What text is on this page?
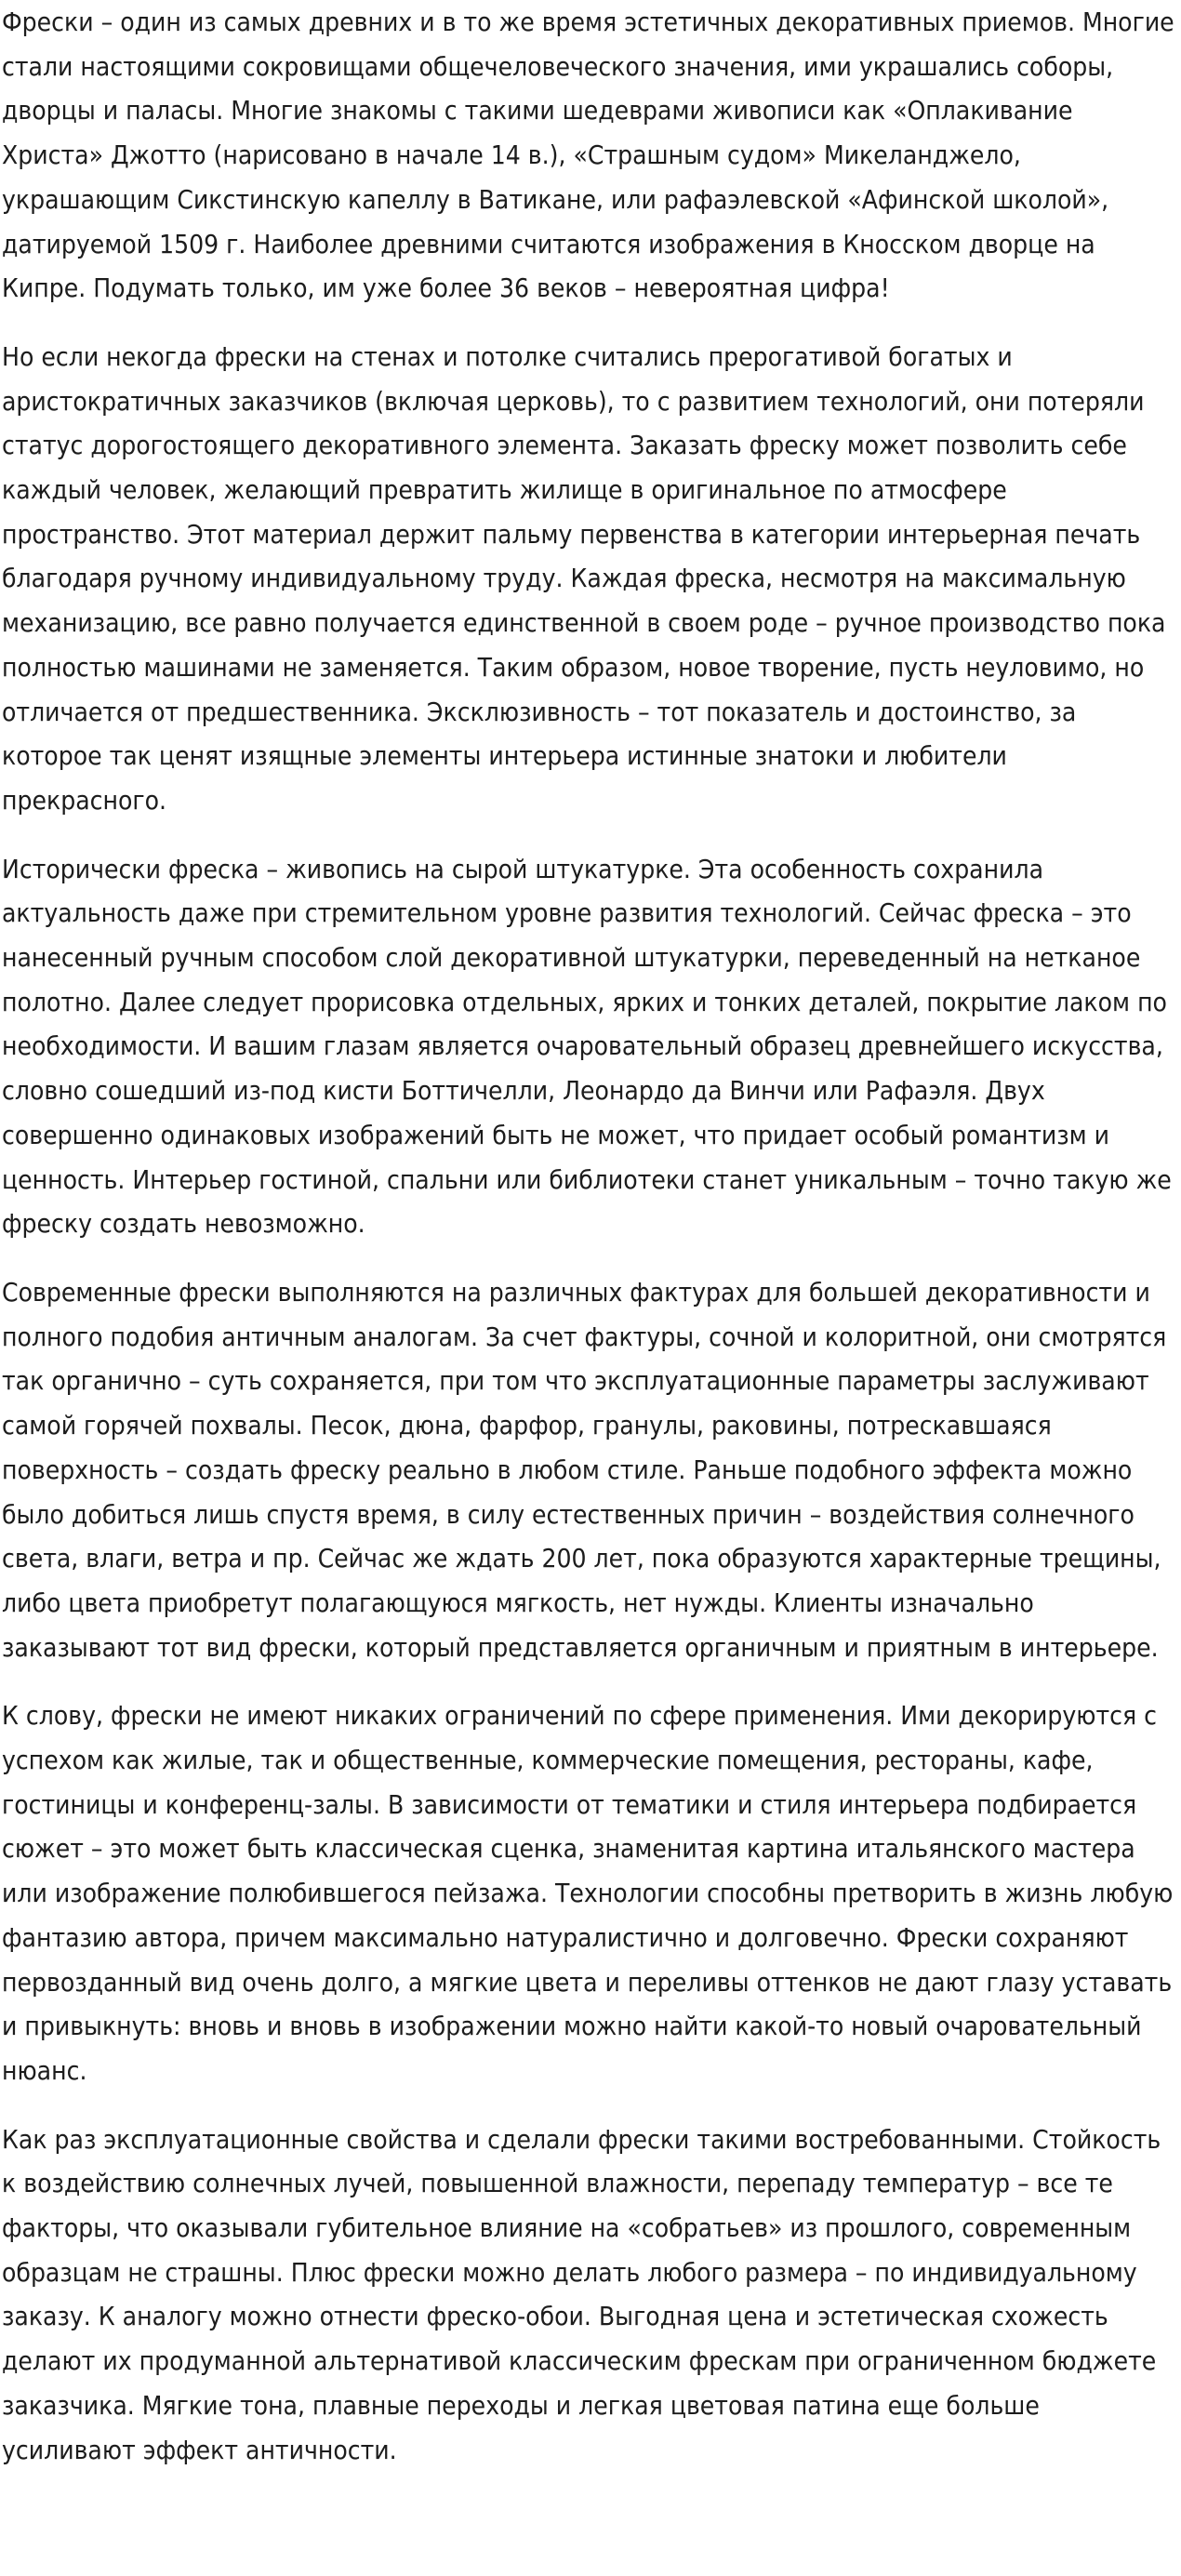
Фрески – один из самых древних и в то же время эстетичных декоративных приемов. Многие стали настоящими сокровищами общечеловеческого значения, ими украшались соборы, дворцы и паласы. Многие знакомы с такими шедеврами живописи как «Оплакивание Христа» Джотто (нарисовано в начале 14 в.), «Страшным судом» Микеланджело, украшающим Сикстинскую капеллу в Ватикане, или рафаэлевской «Афинской школой», датируемой 1509 г. Наиболее древними считаются изображения в Кносском дворце на Кипре. Подумать только, им уже более 36 веков – невероятная цифра!

Но если некогда фрески на стенах и потолке считались прерогативой богатых и аристократичных заказчиков (включая церковь), то с развитием технологий, они потеряли статус дорогостоящего декоративного элемента. Заказать фреску может позволить себе каждый человек, желающий превратить жилище в оригинальное по атмосфере пространство. Этот материал держит пальму первенства в категории интерьерная печать благодаря ручному индивидуальному труду. Каждая фреска, несмотря на максимальную механизацию, все равно получается единственной в своем роде – ручное производство пока полностью машинами не заменяется. Таким образом, новое творение, пусть неуловимо, но отличается от предшественника. Эксклюзивность – тот показатель и достоинство, за которое так ценят изящные элементы интерьера истинные знатоки и любители прекрасного.

Исторически фреска – живопись на сырой штукатурке. Эта особенность сохранила актуальность даже при стремительном уровне развития технологий. Сейчас фреска – это нанесенный ручным способом слой декоративной штукатурки, переведенный на нетканое полотно. Далее следует прорисовка отдельных, ярких и тонких деталей, покрытие лаком по необходимости. И вашим глазам является очаровательный образец древнейшего искусства, словно сошедший из-под кисти Боттичелли, Леонардо да Винчи или Рафаэля. Двух совершенно одинаковых изображений быть не может, что придает особый романтизм и ценность. Интерьер гостиной, спальни или библиотеки станет уникальным – точно такую же фреску создать невозможно.

Современные фрески выполняются на различных фактурах для большей декоративности и полного подобия античным аналогам. За счет фактуры, сочной и колоритной, они смотрятся так органично – суть сохраняется, при том что эксплуатационные параметры заслуживают самой горячей похвалы. Песок, дюна, фарфор, гранулы, раковины, потрескавшаяся поверхность – создать фреску реально в любом стиле. Раньше подобного эффекта можно было добиться лишь спустя время, в силу естественных причин – воздействия солнечного света, влаги, ветра и пр. Сейчас же ждать 200 лет, пока образуются характерные трещины, либо цвета приобретут полагающуюся мягкость, нет нужды. Клиенты изначально заказывают тот вид фрески, который представляется органичным и приятным в интерьере.

К слову, фрески не имеют никаких ограничений по сфере применения. Ими декорируются с успехом как жилые, так и общественные, коммерческие помещения, рестораны, кафе, гостиницы и конференц-залы. В зависимости от тематики и стиля интерьера подбирается сюжет – это может быть классическая сценка, знаменитая картина итальянского мастера или изображение полюбившегося пейзажа. Технологии способны претворить в жизнь любую фантазию автора, причем максимально натуралистично и долговечно. Фрески сохраняют первозданный вид очень долго, а мягкие цвета и переливы оттенков не дают глазу уставать и привыкнуть: вновь и вновь в изображении можно найти какой-то новый очаровательный нюанс.

Как раз эксплуатационные свойства и сделали фрески такими востребованными. Стойкость к воздействию солнечных лучей, повышенной влажности, перепаду температур – все те факторы, что оказывали губительное влияние на «собратьев» из прошлого, современным образцам не страшны. Плюс фрески можно делать любого размера – по индивидуальному заказу. К аналогу можно отнести фреско-обои. Выгодная цена и эстетическая схожесть делают их продуманной альтернативой классическим фрескам при ограниченном бюджете заказчика. Мягкие тона, плавные переходы и легкая цветовая патина еще больше усиливают эффект античности.
